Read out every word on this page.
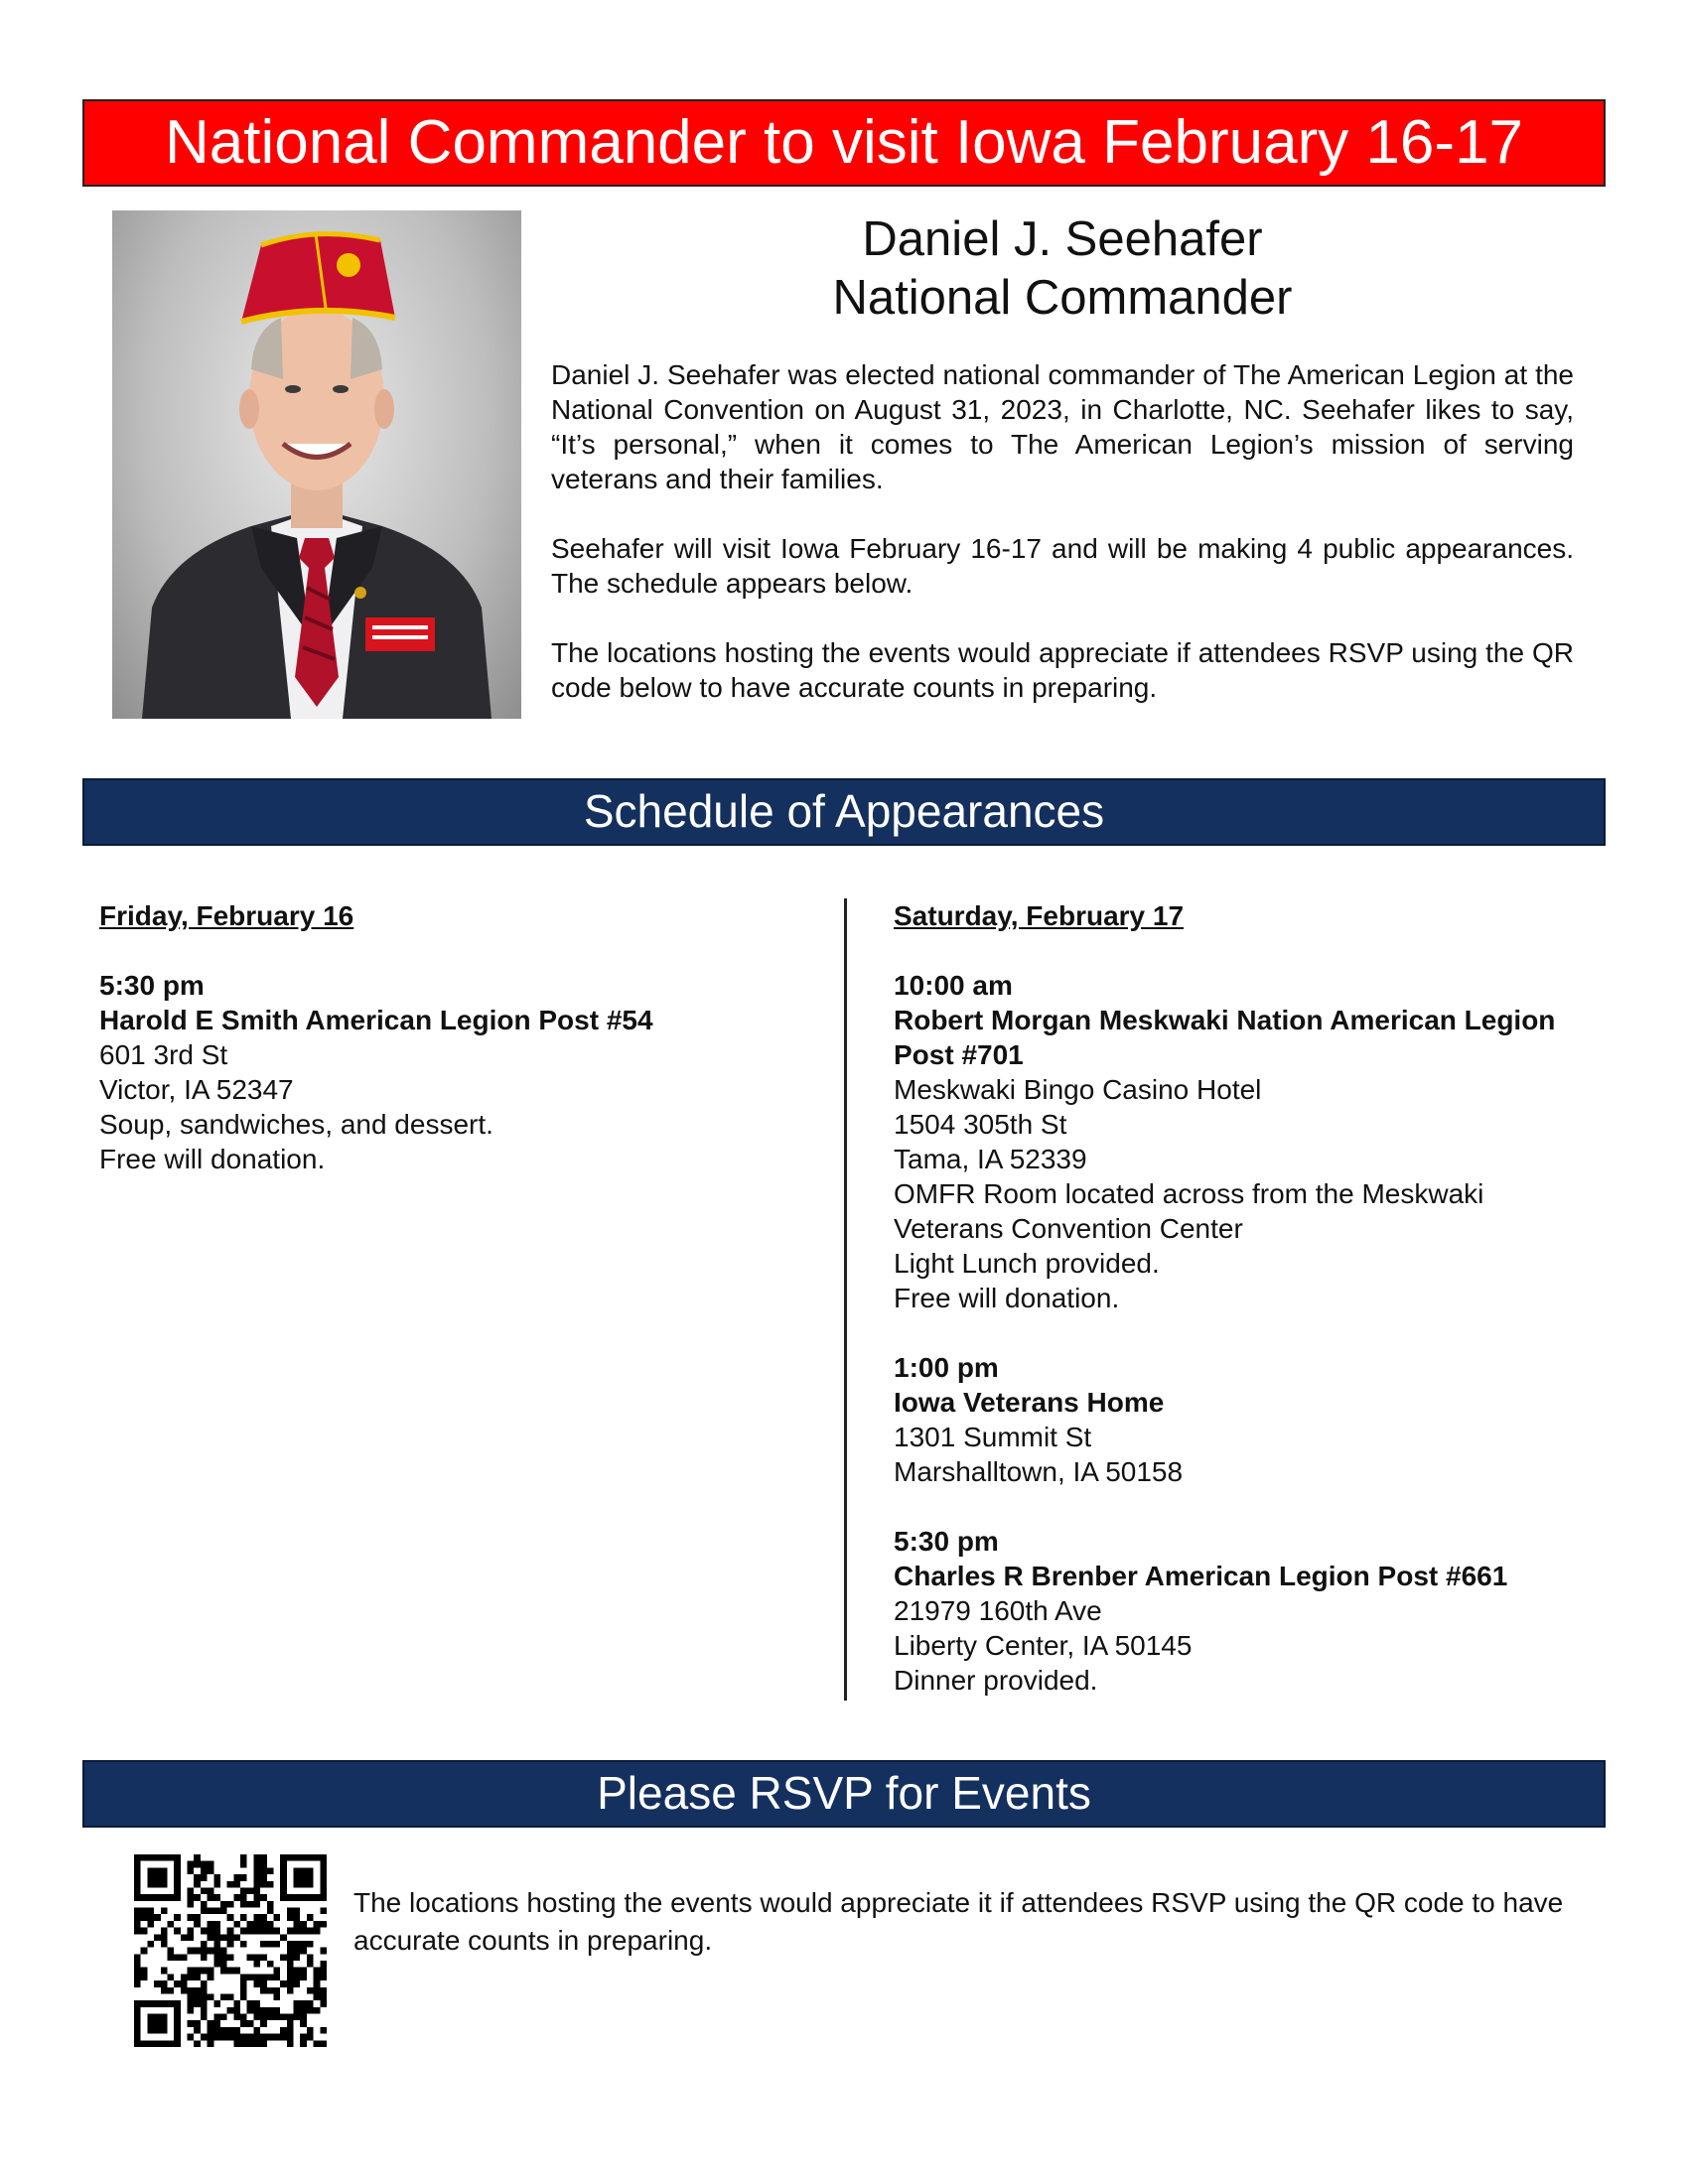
National Commander to visit Iowa February 16-17
Daniel J. Seehafer
National Commander

Daniel J. Seehafer was elected national commander of The American Legion at the National Convention on August 31, 2023, in Charlotte, NC. Seehafer likes to say, “It’s personal,” when it comes to The American Legion’s mission of serving veterans and their families.

Seehafer will visit Iowa February 16-17 and will be making 4 public appearances. The schedule appears below.

The locations hosting the events would appreciate if attendees RSVP using the QR code below to have accurate counts in preparing.

Schedule of Appearances
Friday, February 16
5:30 pm
Harold E Smith American Legion Post #54
601 3rd St
Victor, IA 52347
Soup, sandwiches, and dessert.
Free will donation.
Saturday, February 17
10:00 am
Robert Morgan Meskwaki Nation American Legion Post #701
Meskwaki Bingo Casino Hotel
1504 305th St
Tama, IA 52339
OMFR Room located across from the Meskwaki Veterans Convention Center
Light Lunch provided.
Free will donation.
1:00 pm
Iowa Veterans Home
1301 Summit St
Marshalltown, IA 50158
5:30 pm
Charles R Brenber American Legion Post #661
21979 160th Ave
Liberty Center, IA 50145
Dinner provided.
Please RSVP for Events
The locations hosting the events would appreciate it if attendees RSVP using the QR code to have accurate counts in preparing.
